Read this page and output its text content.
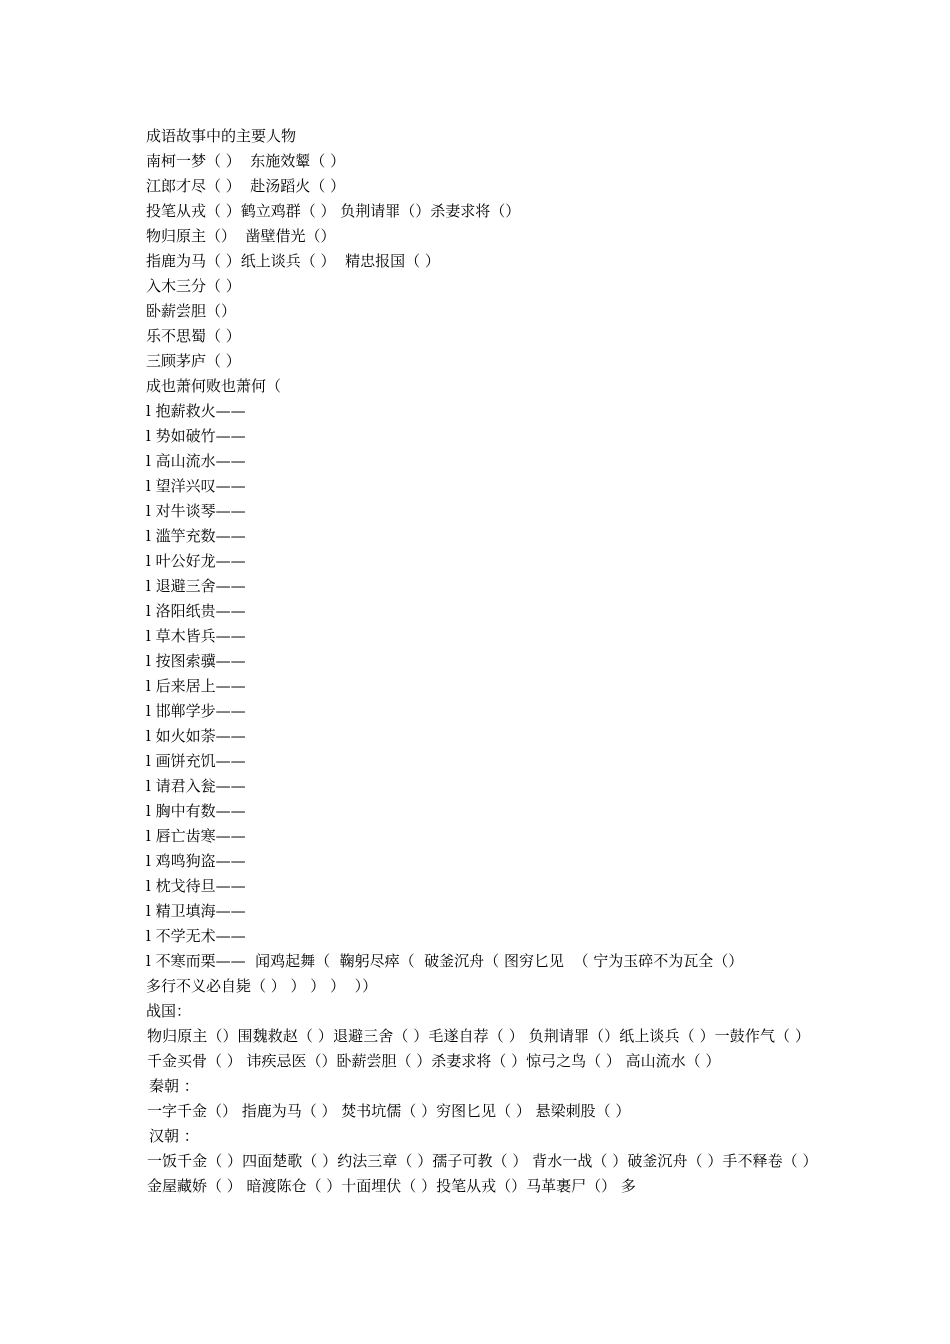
成语故事中的主要人物
南柯一梦（ ）  东施效颦（ ）
江郎才尽（ ）  赴汤蹈火（ ）
投笔从戎（ ）鹤立鸡群（ ） 负荆请罪（）杀妻求将（）
物归原主（）  凿壁借光（）
指鹿为马（ ）纸上谈兵（ ）  精忠报国（ ）
入木三分（ ）
卧薪尝胆（）
乐不思蜀（ ）
三顾茅庐（ ）
成也萧何败也萧何（
l 抱薪救火——
l 势如破竹——
l 高山流水——
l 望洋兴叹——
l 对牛谈琴——
l 滥竽充数——
l 叶公好龙——
l 退避三舍——
l 洛阳纸贵——
l 草木皆兵——
l 按图索骥——
l 后来居上——
l 邯郸学步——
l 如火如荼——
l 画饼充饥——
l 请君入瓮——
l 胸中有数——
l 唇亡齿寒——
l 鸡鸣狗盗——
l 枕戈待旦——
l 精卫填海——
l 不学无术——
l 不寒而栗——  闻鸡起舞（  鞠躬尽瘁（  破釜沉舟（ 图穷匕见  （ 宁为玉碎不为瓦全（）
多行不义必自毙（ ） ） ） ）  ））
战国：
物归原主（）围魏救赵（ ）退避三舍（ ）毛遂自荐（ ） 负荆请罪（）纸上谈兵（ ）一鼓作气（ ）千金买骨（ ） 讳疾忌医（）卧薪尝胆（ ）杀妻求将（ ）惊弓之鸟（ ） 高山流水（ ）
秦朝 ：
一字千金（） 指鹿为马（ ） 焚书坑儒（ ）穷图匕见（ ） 悬梁刺股（ ）
汉朝 ：
一饭千金（ ）四面楚歌（ ）约法三章（ ）孺子可教（ ） 背水一战（ ）破釜沉舟（ ）手不释卷（ ）金屋藏娇（ ） 暗渡陈仓（ ）十面埋伏（ ）投笔从戎（）马革裹尸（） 多
